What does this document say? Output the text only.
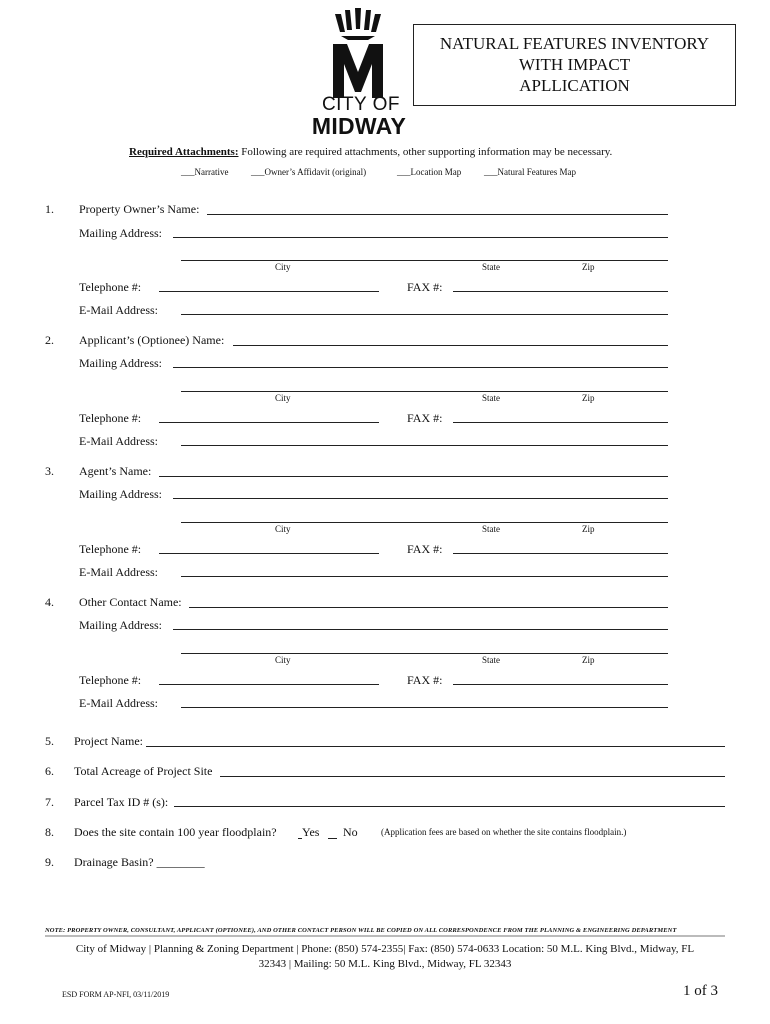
CITY OF
MIDWAY
NATURAL FEATURES INVENTORY
WITH IMPACT
APLLICATION
Required Attachments: Following are required attachments, other supporting information may be necessary.
___Narrative	___Owner’s Affidavit (original)	___Location Map	___Natural Features Map
1. Property Owner’s Name:
Mailing Address:
City	State	Zip
Telephone #:	FAX #:
E-Mail Address:
2. Applicant’s (Optionee) Name:
Mailing Address:
City	State	Zip
Telephone #:	FAX #:
E-Mail Address:
3. Agent’s Name:
Mailing Address:
City	State	Zip
Telephone #:	FAX #:
E-Mail Address:
4. Other Contact Name:
Mailing Address:
City	State	Zip
Telephone #:	FAX #:
E-Mail Address:
5. Project Name:
6. Total Acreage of Project Site
7. Parcel Tax ID # (s):
8. Does the site contain 100 year floodplain? Yes No	(Application fees are based on whether the site contains floodplain.)
9. Drainage Basin? ________
NOTE: PROPERTY OWNER, CONSULTANT, APPLICANT (OPTIONEE), AND OTHER CONTACT PERSON WILL BE COPIED ON ALL CORRESPONDENCE FROM THE PLANNING & ENGINEERING DEPARTMENT
City of Midway | Planning & Zoning Department | Phone: (850) 574-2355| Fax: (850) 574-0633 Location: 50 M.L. King Blvd., Midway, FL
32343 | Mailing: 50 M.L. King Blvd., Midway, FL 32343
ESD FORM AP-NFI, 03/11/2019	1 of 3
